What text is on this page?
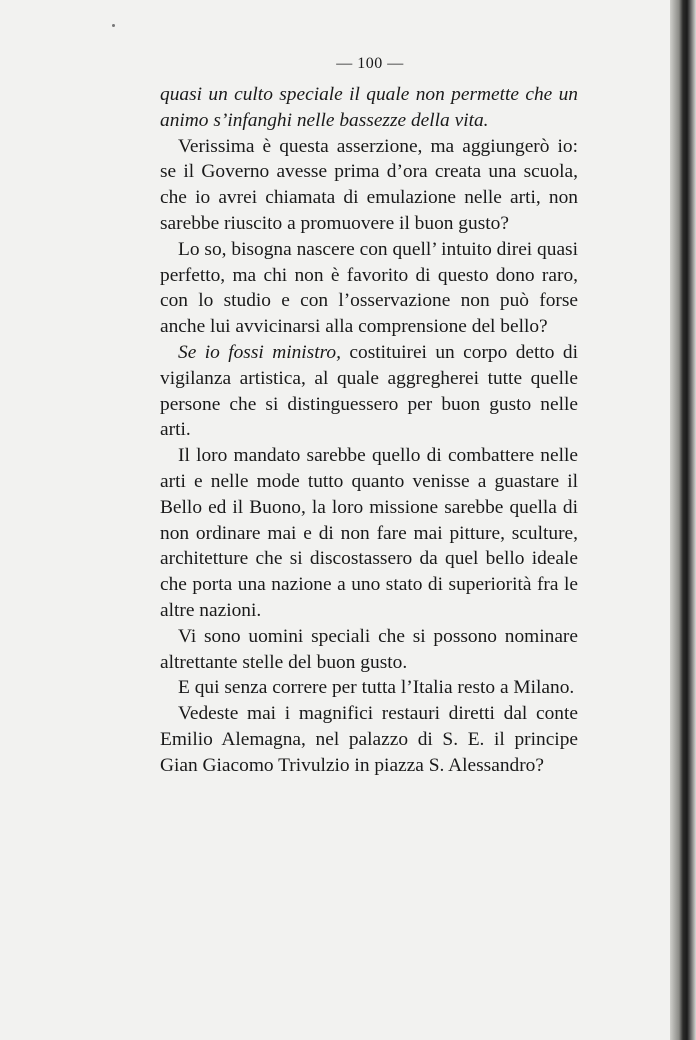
— 100 —

quasi un culto speciale il quale non permette che un animo s’infanghi nelle bassezze della vita.

Verissima è questa asserzione, ma aggiungerò io: se il Governo avesse prima d’ora creata una scuola, che io avrei chiamata di emulazione nelle arti, non sarebbe riuscito a promuovere il buon gusto?

Lo so, bisogna nascere con quell’ intuito direi quasi perfetto, ma chi non è favorito di questo dono raro, con lo studio e con l’osservazione non può forse anche lui avvicinarsi alla comprensione del bello?

Se io fossi ministro, costituirei un corpo detto di vigilanza artistica, al quale aggregherei tutte quelle persone che si distinguessero per buon gusto nelle arti.

Il loro mandato sarebbe quello di combattere nelle arti e nelle mode tutto quanto venisse a guastare il Bello ed il Buono, la loro missione sarebbe quella di non ordinare mai e di non fare mai pitture, sculture, architetture che si discostassero da quel bello ideale che porta una nazione a uno stato di superiorità fra le altre nazioni.

Vi sono uomini speciali che si possono nominare altrettante stelle del buon gusto.

E qui senza correre per tutta l’Italia resto a Milano.

Vedeste mai i magnifici restauri diretti dal conte Emilio Alemagna, nel palazzo di S. E. il principe Gian Giacomo Trivulzio in piazza S. Alessandro?
